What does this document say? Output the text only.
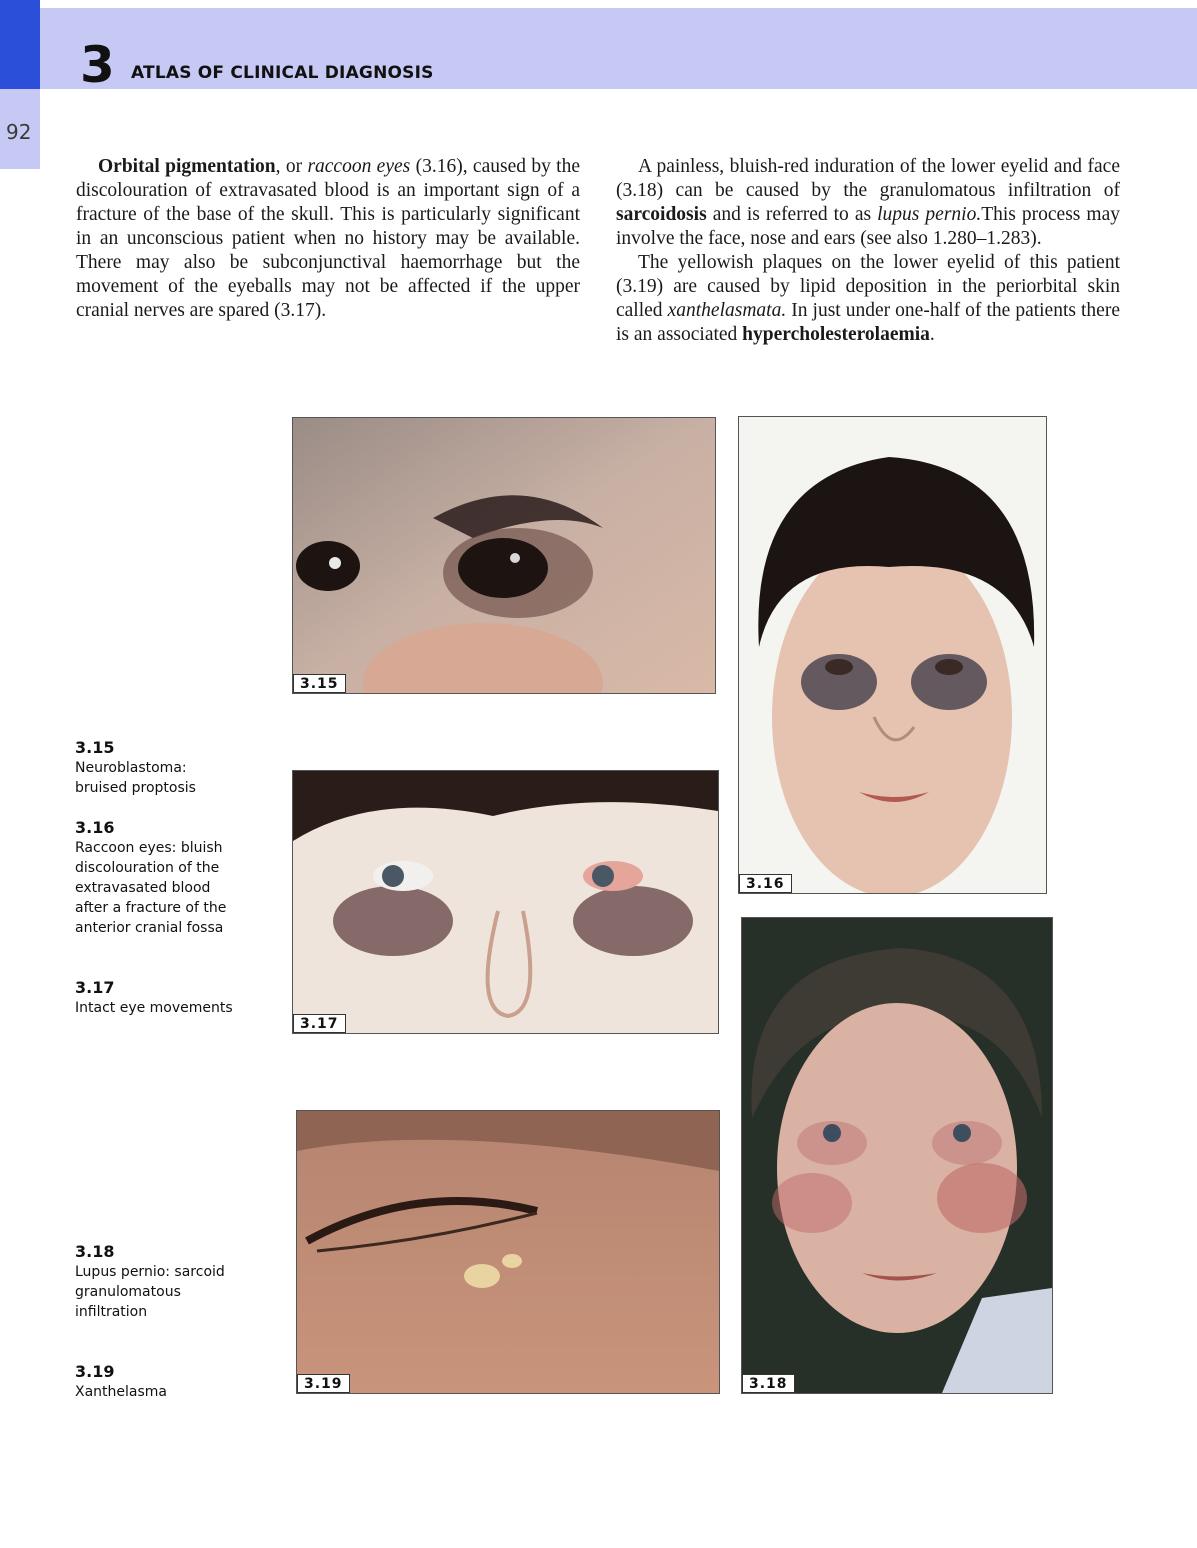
92
3 ATLAS OF CLINICAL DIAGNOSIS

Orbital pigmentation, or raccoon eyes (3.16), caused by the discolouration of extravasated blood is an important sign of a fracture of the base of the skull. This is particularly significant in an unconscious patient when no history may be available. There may also be subconjunctival haemorrhage but the movement of the eyeballs may not be affected if the upper cranial nerves are spared (3.17).

A painless, bluish-red induration of the lower eyelid and face (3.18) can be caused by the granulomatous infiltration of sarcoidosis and is referred to as lupus pernio.This process may involve the face, nose and ears (see also 1.280–1.283).

The yellowish plaques on the lower eyelid of this patient (3.19) are caused by lipid deposition in the periorbital skin called xanthelasmata. In just under one-half of the patients there is an associated hypercholesterolaemia.

3.15
3.16
3.17
3.18
3.19
3.15
Neuroblastoma: bruised proptosis
3.16
Raccoon eyes: bluish discolouration of the extravasated blood after a fracture of the anterior cranial fossa
3.17
Intact eye movements
3.18
Lupus pernio: sarcoid granulomatous infiltration
3.19
Xanthelasma
